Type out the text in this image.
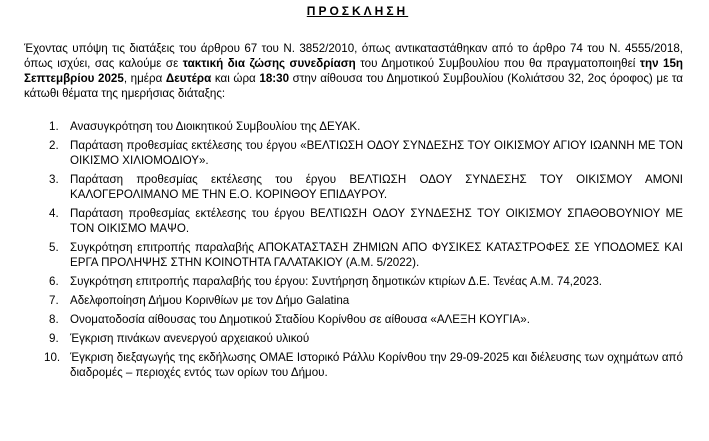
ΠΡΟΣΚΛΗΣΗ

Έχοντας υπόψη τις διατάξεις του άρθρου 67 του Ν. 3852/2010, όπως αντικαταστάθηκαν από το άρθρο 74 του Ν. 4555/2018, όπως ισχύει, σας καλούμε σε τακτική δια ζώσης συνεδρίαση του Δημοτικού Συμβουλίου που θα πραγματοποιηθεί την 15η Σεπτεμβρίου 2025, ημέρα Δευτέρα και ώρα 18:30 στην αίθουσα του Δημοτικού Συμβουλίου (Κολιάτσου 32, 2ος όροφος) με τα κάτωθι θέματα της ημερήσιας διάταξης:

1. Ανασυγκρότηση του Διοικητικού Συμβουλίου της ΔΕΥΑΚ.
2. Παράταση προθεσμίας εκτέλεσης του έργου «ΒΕΛΤΙΩΣΗ ΟΔΟΥ ΣΥΝΔΕΣΗΣ ΤΟΥ ΟΙΚΙΣΜΟΥ ΑΓΙΟΥ ΙΩΑΝΝΗ ΜΕ ΤΟΝ ΟΙΚΙΣΜΟ ΧΙΛΙΟΜΟΔΙΟΥ».
3. Παράταση προθεσμίας εκτέλεσης του έργου ΒΕΛΤΙΩΣΗ ΟΔΟΥ ΣΥΝΔΕΣΗΣ ΤΟΥ ΟΙΚΙΣΜΟΥ ΑΜΟΝΙ ΚΑΛΟΓΕΡΟΛΙΜΑΝΟ ΜΕ ΤΗΝ Ε.Ο. ΚΟΡΙΝΘΟΥ ΕΠΙΔΑΥΡΟΥ.
4. Παράταση προθεσμίας εκτέλεσης του έργου ΒΕΛΤΙΩΣΗ ΟΔΟΥ ΣΥΝΔΕΣΗΣ ΤΟΥ ΟΙΚΙΣΜΟΥ ΣΠΑΘΟΒΟΥΝΙΟΥ ΜΕ ΤΟΝ ΟΙΚΙΣΜΟ ΜΑΨΟ.
5. Συγκρότηση επιτροπής παραλαβής ΑΠΟΚΑΤΑΣΤΑΣΗ ΖΗΜΙΩΝ ΑΠΟ ΦΥΣΙΚΕΣ ΚΑΤΑΣΤΡΟΦΕΣ ΣΕ ΥΠΟΔΟΜΕΣ ΚΑΙ ΕΡΓΑ ΠΡΟΛΗΨΗΣ ΣΤΗΝ ΚΟΙΝΟΤΗΤΑ ΓΑΛΑΤΑΚΙΟΥ (Α.Μ. 5/2022).
6. Συγκρότηση επιτροπής παραλαβής του έργου: Συντήρηση δημοτικών κτιρίων Δ.Ε. Τενέας Α.Μ. 74,2023.
7. Αδελφοποίηση Δήμου Κορινθίων με τον Δήμο Galatina
8. Ονοματοδοσία αίθουσας του Δημοτικού Σταδίου Κορίνθου σε αίθουσα «ΑΛΕΞΗ ΚΟΥΓΙΑ».
9. Έγκριση πινάκων ανενεργού αρχειακού υλικού
10. Έγκριση διεξαγωγής της εκδήλωσης ΟΜΑΕ Ιστορικό Ράλλυ Κορίνθου την 29-09-2025 και διέλευσης των οχημάτων από διαδρομές – περιοχές εντός των ορίων του Δήμου.
